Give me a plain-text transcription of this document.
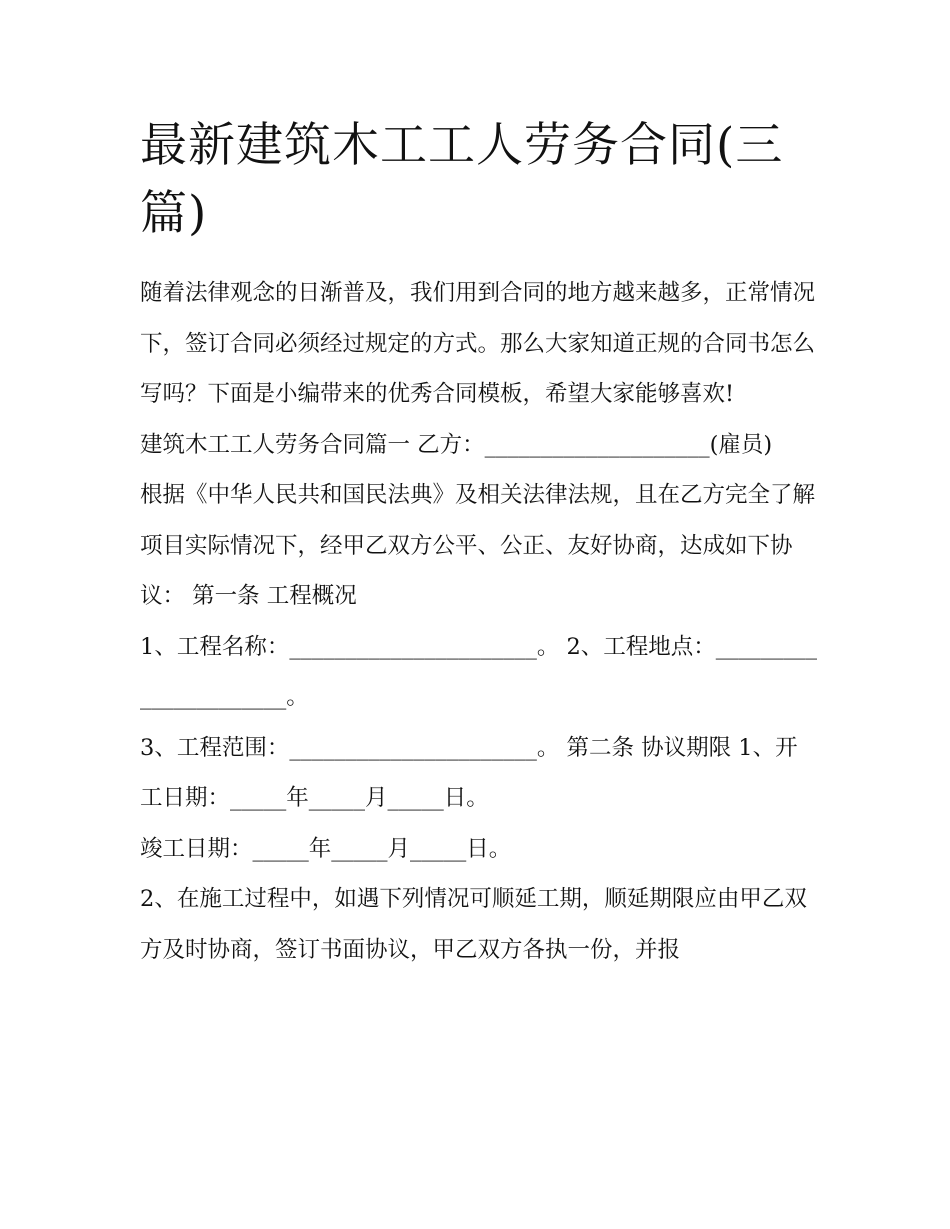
最新建筑木工工人劳务合同(三篇)

随着法律观念的日渐普及，我们用到合同的地方越来越多，正常情况下，签订合同必须经过规定的方式。那么大家知道正规的合同书怎么写吗？下面是小编带来的优秀合同模板，希望大家能够喜欢!

建筑木工工人劳务合同篇一 乙方：____________________(雇员)

根据《中华人民共和国民法典》及相关法律法规，且在乙方完全了解项目实际情况下，经甲乙双方公平、公正、友好协商，达成如下协议： 第一条 工程概况

1、工程名称：______________________。 2、工程地点：______________________。

3、工程范围：______________________。 第二条 协议期限 1、开工日期：_____年_____月_____日。

竣工日期：_____年_____月_____日。

2、在施工过程中，如遇下列情况可顺延工期，顺延期限应由甲乙双方及时协商，签订书面协议，甲乙双方各执一份，并报
